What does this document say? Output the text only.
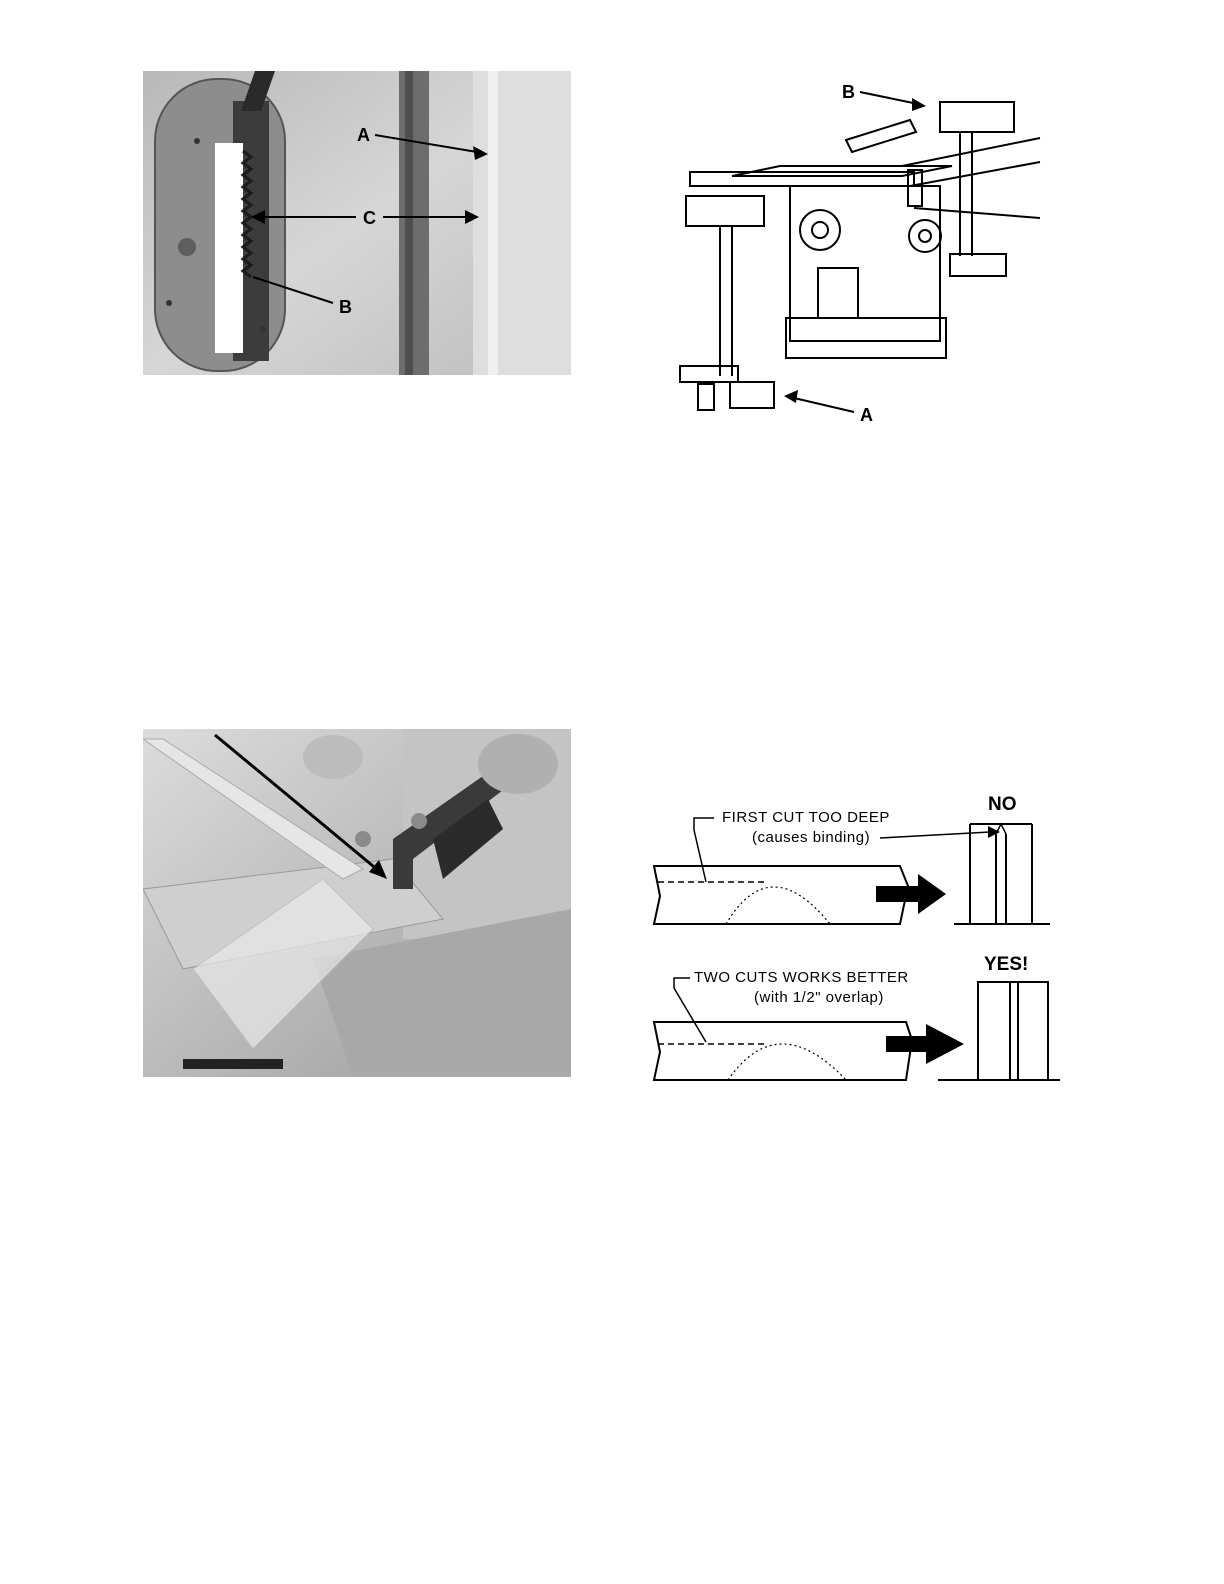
A
C
B
B
A
FIRST CUT TOO DEEP
(causes binding)
NO
TWO CUTS WORKS BETTER
(with 1/2" overlap)
YES!
